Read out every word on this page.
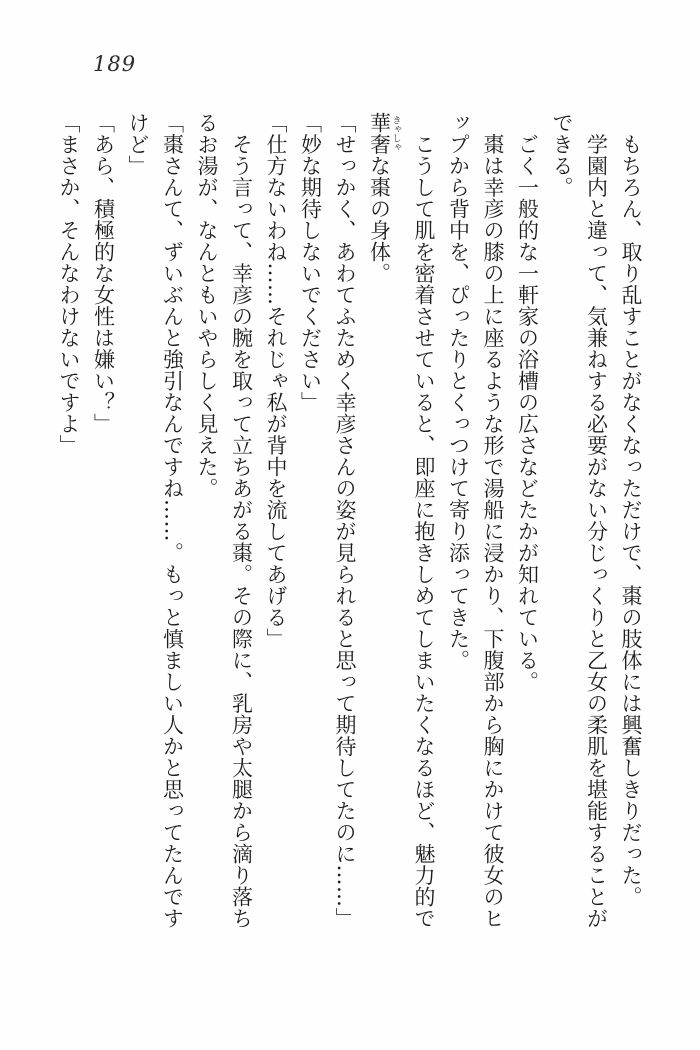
189
　もちろん、取り乱すことがなくなっただけで、棗の肢体には興奮しきりだった。
　学園内と違って、気兼ねする必要がない分じっくりと乙女の柔肌を堪能することが
できる。
　ごく一般的な一軒家の浴槽の広さなどたかが知れている。
　棗は幸彦の膝の上に座るような形で湯船に浸かり、下腹部から胸にかけて彼女のヒ
ップから背中を、ぴったりとくっつけて寄り添ってきた。
　こうして肌を密着させていると、即座に抱きしめてしまいたくなるほど、魅力的で
華奢 きゃしゃな棗の身体。
「せっかく、あわてふためく幸彦さんの姿が見られると思って期待してたのに……」
「妙な期待しないでください」
「仕方ないわね……それじゃ私が背中を流してあげる」
　そう言って、幸彦の腕を取って立ちあがる棗。その際に、乳房や太腿から滴り落ち
るお湯が、なんともいやらしく見えた。
「棗さんて、ずいぶんと強引なんですね……。もっと慎ましい人かと思ってたんです
けど」
「あら、積極的な女性は嫌い？」
「まさか、そんなわけないですよ」
